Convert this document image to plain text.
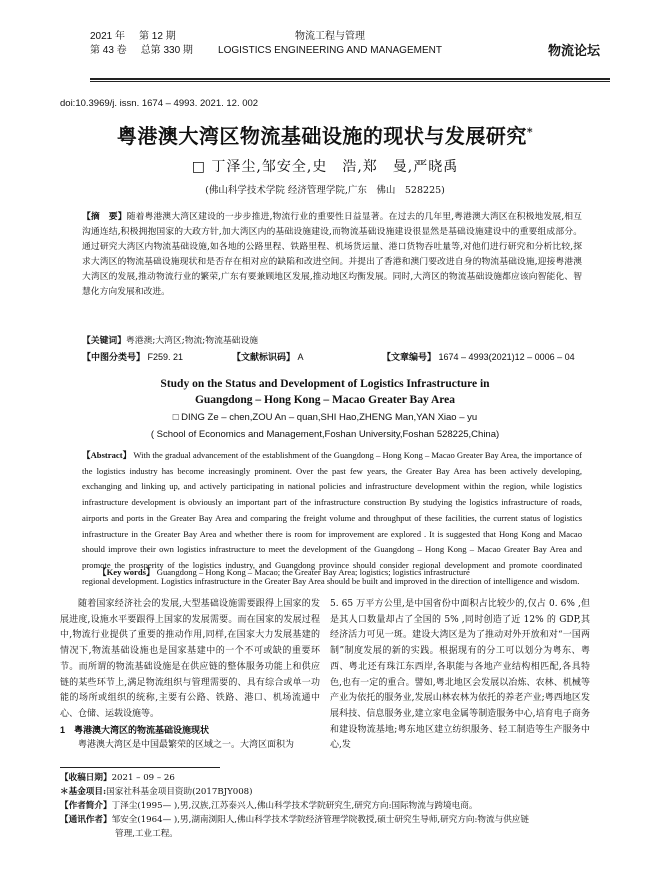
2021 年 第 12 期
第 43 卷 总第 330 期
物流工程与管理
LOGISTICS ENGINEERING AND MANAGEMENT	物流论坛
doi:10.3969/j. issn. 1674 – 4993. 2021. 12. 002
粤港澳大湾区物流基础设施的现状与发展研究*
□ 丁泽尘,邹安全,史　浩,郑　曼,严晓禹
(佛山科学技术学院 经济管理学院,广东　佛山　528225)
【摘　要】随着粤港澳大湾区建设的一步步推进,物流行业的重要性日益显著。在过去的几年里,粤港澳大湾区在积极地发展,相互沟通连结,积极拥抱国家的大政方针,加大湾区内的基础设施建设,而物流基础设施建设很显然是基础设施建设中的重要组成部分。通过研究大湾区内物流基础设施,如各地的公路里程、铁路里程、机场货运量、港口货物吞吐量等,对他们进行研究和分析比较,探求大湾区的物流基础设施现状和是否存在相对应的缺陷和改进空间。并提出了香港和澳门要改进自身的物流基础设施,迎接粤港澳大湾区的发展,推动物流行业的繁荣,广东有要兼顾地区发展,推动地区均衡发展。同时,大湾区的物流基础设施都应该向智能化、智慧化方向发展和改进。
【关键词】粤港澳;大湾区;物流;物流基础设施
【中图分类号】 F259. 21	【文献标识码】 A	【文章编号】 1674 – 4993(2021)12 – 0006 – 04
Study on the Status and Development of Logistics Infrastructure in
Guangdong – Hong Kong – Macao Greater Bay Area
□ DING Ze – chen,ZOU An – quan,SHI Hao,ZHENG Man,YAN Xiao – yu
( School of Economics and Management,Foshan University,Foshan 528225,China)
【Abstract】 With the gradual advancement of the establishment of the Guangdong – Hong Kong – Macao Greater Bay Area, the importance of the logistics industry has become increasingly prominent. Over the past few years, the Greater Bay Area has been actively developing, exchanging and linking up, and actively participating in national policies and infrastructure development within the region, while logistics infrastructure development is obviously an important part of the infrastructure construction By studying the logistics infrastructure of roads, airports and ports in the Greater Bay Area and comparing the freight volume and throughput of these facilities, the current status of logistics infrastructure in the Greater Bay Area and whether there is room for improvement are explored . It is suggested that Hong Kong and Macao should improve their own logistics infrastructure to meet the development of the Guangdong – Hong Kong – Macao Greater Bay Area and promote the prosperity of the logistics industry, and Guangdong province should consider regional development and promote coordinated regional development. Logistics infrastructure in the Greater Bay Area should be built and improved in the direction of intelligence and wisdom.
【Key words】 Guangdong – Hong Kong – Macao; the Greater Bay Area; logistics; logistics infrastructure

随着国家经济社会的发展,大型基础设施需要跟得上国家的发展进度,设施水平要跟得上国家的发展需要。而在国家的发展过程中,物流行业提供了重要的推动作用,同样,在国家大力发展基建的情况下,物流基础设施也是国家基建中的一个不可或缺的重要环节。而所谓的物流基础设施是在供应链的整体服务功能上和供应链的某些环节上,满足物流组织与管理需要的、具有综合或单一功能的场所或组织的统称,主要有公路、铁路、港口、机场流通中心、仓储、运载设施等。

1　粤港澳大湾区的物流基础设施现状

粤港澳大湾区是中国最繁荣的区域之一。大湾区面积为

5. 65 万平方公里,是中国省份中面积占比较少的,仅占 0. 6% ,但是其人口数量却占了全国的 5% ,同时创造了近 12% 的 GDP,其经济活力可见一斑。建设大湾区是为了推动对外开放和对“一国两制”制度发展的新的实践。根据现有的分工可以划分为粤东、粤西、粤北还有珠江东西岸,各职能与各地产业结构相匹配,各具特色,也有一定的重合。譬如,粤北地区会发展以冶炼、农林、机械等产业为依托的服务业,发展山林农林为依托的养老产业;粤西地区发展科技、信息服务业,建立家电金属等制造服务中心,培育电子商务和建设物流基地;粤东地区建立纺织服务、轻工制造等生产服务中心,发

【收稿日期】2021 – 09 – 26
＊基金项目:国家社科基金项目资助(2017BJY008)
【作者简介】丁泽尘(1995— ),男,汉族,江苏泰兴人,佛山科学技术学院研究生,研究方向:国际物流与跨境电商。
【通讯作者】邹安全(1964— ),男,湖南浏阳人,佛山科学技术学院经济管理学院教授,硕士研究生导师,研究方向:物流与供应链
管理,工业工程。
